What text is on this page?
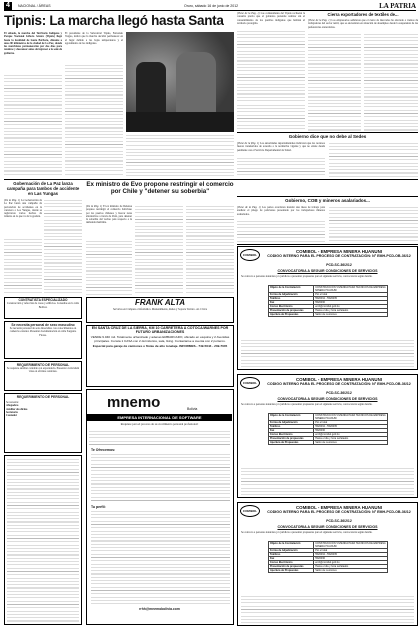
4	NACIONAL / ÁREAS	Oruro, sábado 16 de junio de 2012	LA PATRIA
Tipnis: La marcha llegó hasta Santa
El sábado, la marcha del Territorio Indígena y Parque Nacional Isiboro Sécure (Tipnis) llegó hasta la localidad de Santa Bárbara, distante a unos 80 kilómetros de la ciudad de La Paz, donde los marchistas permanecerán por dos días para reunirse y descansar antes de ingresar a la sede de gobierno.
El presidente de la Subcentral Tipnis, Fernando Vargas, indicó que la marcha decidió permanecer en el lugar debido a las bajas temperaturas y el agotamiento de los indígenas.
(Viene de la Pág. 1) Las comunidades del Tipnis rechazan la consulta previa que el gobierno pretende realizar sin el consentimiento de los pueblos indígenas que habitan el territorio protegido.
Cierra exportadores de textiles de...
(Viene de la Pág. 1) Los empresarios señalaron que el cierre de mercados ha afectado a cientos de trabajadores del sector textil, que se encuentran en situación de desempleo desde la suspensión de las preferencias arancelarias.
Gobierno dice que no debe al Sedes
(Viene de la Pág. 1) Las autoridades departamentales indicaron que los recursos fueron transferidos de acuerdo a la normativa vigente y que no existe deuda pendiente con el Servicio Departamental de Salud.
Gobernación de La Paz lanza campaña para tambos de accidente en Las Yungas
(De la Pág. 1) La Gobernación de La Paz lanzó una campaña de prevención de accidentes en la carretera a Los Yungas, donde se registraron varios hechos de tránsito en lo que va de la gestión.
Ex ministro de Evo propone restringir el comercio por Chile y "detener su soberbia"
(De la Pág. 1) El ex ministro de Defensa propuso restringir el comercio boliviano por los puertos chilenos y buscar rutas alternativas a través de Perú, para detener la soberbia del vecino país respecto a la demanda marítima.
Gobierno, COB y mineros asalariados...
(Viene de la Pág. 1) Las partes acordaron instalar una mesa de trabajo para analizar el pliego de peticiones presentado por los trabajadores mineros asalariados.
CONTRATISTA ESPECIALIZADO
Construcción y refacción de casas y edificios. Consultas en la calle Bolívar.
Se necesita personal de sexo masculino
Se necesita personal de sexo masculino con conocimientos en comercio exterior. Presentar documentación en calle Sargento Flores.
REQUERIMIENTO DE PERSONAL
Se requiere auxiliar contable con experiencia. Presentar curriculum vitae en oficinas centrales.
REQUERIMIENTO DE PERSONAL
Se necesita:
Abogado/a
Auxiliar de oficina
Secretaria
Contador
FRANK ALTA
Servicios en Cómputo e Informática. Mantenimiento, Redes y Soporte Técnico. Av. Cívica
EN SANTA CRUZ DE LA SIERRA, KM 10 CARRETERA A COTOCA/WARNES POR FUTURO URBANIZACIONES
VENDE 9.040 m2. Totalmente urbanizado y adenas EMBARCADO, ubicado en esquina y 2 Avenidas principales. Consta 1 CASA con 2 dormitorios, sala, living. Contactarse a cuenta con 2 porteros.
Especial para garaje de camiones o flotas de alto tonelaje. INFORMES.- 749-5644 - 239-7045
mnemo	Bolivia
EMPRESA INTERNACIONAL DE SOFTWARE
Requiere para el proceso de su crecimiento personal profesional:
Te Ofrecemos:
Tu perfil:
rrhh@mnemobolivia.com
COMIBOL
COMIBOL - EMPRESA MINERA HUANUNI
CODIGO INTERNO PARA EL PROCESO DE CONTRATACIÓN: N° EMH-PCD-OB-36/12
PCD-SC-36/2/12
CONVOCATORIA A SEGUIR CONDICIONES DE SERVICIOS
Se convoca a personas naturales y/o jurídicas a presentar propuestas para el siguiente servicio, convocatoria según detalle.
Objeto de la Contratación	CONSTRUCCIÓN VIVIENDA PARA TÉCNICOS DE EMPRESA MINERA HUANUNI
Forma de Adjudicación	Por el total
Teléfono	5520034 - 5520035
Fax	5520036
Correo Electrónico	emh@comibol.gob.bo
Presentación de propuestas	Hasta el día y hora señalados
Apertura de Propuestas	Salón de reuniones
COMIBOL
COMIBOL - EMPRESA MINERA HUANUNI
CODIGO INTERNO PARA EL PROCESO DE CONTRATACIÓN: N° EMH-PCD-OB-36/12
PCD-SC-36/2/12
CONVOCATORIA A SEGUIR CONDICIONES DE SERVICIOS
Se convoca a personas naturales y/o jurídicas a presentar propuestas para el siguiente servicio, convocatoria según detalle.
Objeto de la Contratación	CONSTRUCCIÓN VIVIENDA PARA TÉCNICOS DE EMPRESA MINERA HUANUNI
Forma de Adjudicación	Por el total
Teléfono	5520034 - 5520035
Fax	5520036
Correo Electrónico	emh@comibol.gob.bo
Presentación de propuestas	Hasta el día y hora señalados
Apertura de Propuestas	Salón de reuniones
COMIBOL
COMIBOL - EMPRESA MINERA HUANUNI
CODIGO INTERNO PARA EL PROCESO DE CONTRATACIÓN: N° EMH-PCD-OB-36/12
PCD-SC-36/2/12
CONVOCATORIA A SEGUIR CONDICIONES DE SERVICIOS
Se convoca a personas naturales y/o jurídicas a presentar propuestas para el siguiente servicio, convocatoria según detalle.
Objeto de la Contratación	CONSTRUCCIÓN VIVIENDA PARA TÉCNICOS DE EMPRESA MINERA HUANUNI
Forma de Adjudicación	Por el total
Teléfono	5520034 - 5520035
Fax	5520036
Correo Electrónico	emh@comibol.gob.bo
Presentación de propuestas	Hasta el día y hora señalados
Apertura de Propuestas	Salón de reuniones
